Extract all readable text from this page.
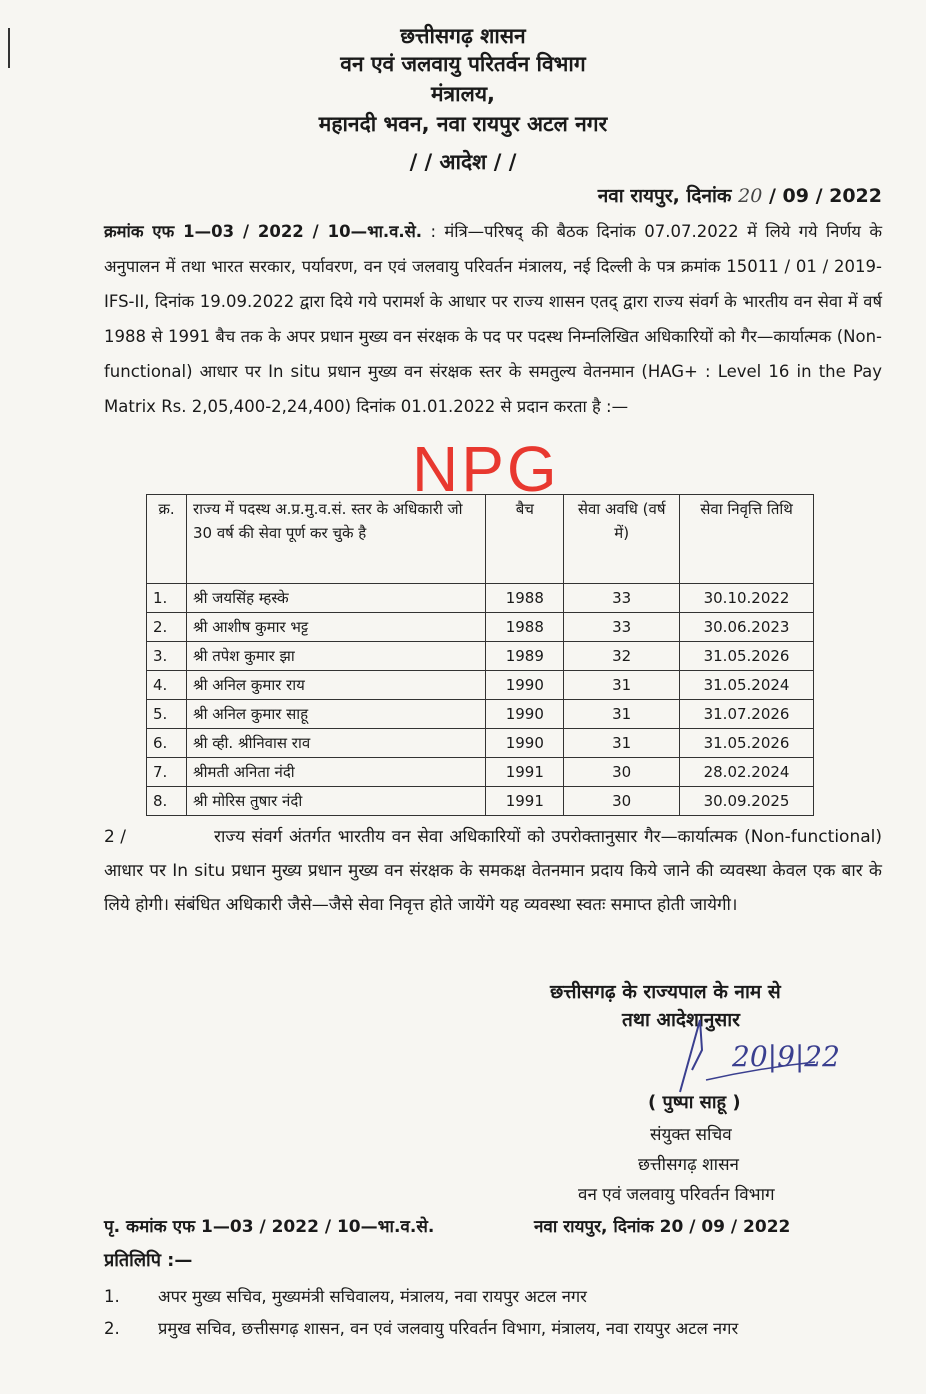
छत्तीसगढ़ शासन
वन एवं जलवायु परितर्वन विभाग
मंत्रालय,
महानदी भवन, नवा रायपुर अटल नगर
/ / आदेश / /
नवा रायपुर, दिनांक 20 / 09 / 2022
क्रमांक एफ 1—03 / 2022 / 10—भा.व.से. : मंत्रि—परिषद् की बैठक दिनांक 07.07.2022 में लिये गये निर्णय के अनुपालन में तथा भारत सरकार, पर्यावरण, वन एवं जलवायु परिवर्तन मंत्रालय, नई दिल्ली के पत्र क्रमांक 15011 / 01 / 2019-IFS-II, दिनांक 19.09.2022 द्वारा दिये गये परामर्श के आधार पर राज्य शासन एतद् द्वारा राज्य संवर्ग के भारतीय वन सेवा में वर्ष 1988 से 1991 बैच तक के अपर प्रधान मुख्य वन संरक्षक के पद पर पदस्थ निम्नलिखित अधिकारियों को गैर—कार्यात्मक (Non-functional) आधार पर In situ प्रधान मुख्य वन संरक्षक स्तर के समतुल्य वेतनमान (HAG+ : Level 16 in the Pay Matrix Rs. 2,05,400-2,24,400) दिनांक 01.01.2022 से प्रदान करता है :—
NPG
क्र.	राज्य में पदस्थ अ.प्र.मु.व.सं. स्तर के अधिकारी जो 30 वर्ष की सेवा पूर्ण कर चुके है	बैच	सेवा अवधि (वर्ष में)	सेवा निवृत्ति तिथि
1.	श्री जयसिंह म्हस्के	1988	33	30.10.2022
2.	श्री आशीष कुमार भट्ट	1988	33	30.06.2023
3.	श्री तपेश कुमार झा	1989	32	31.05.2026
4.	श्री अनिल कुमार राय	1990	31	31.05.2024
5.	श्री अनिल कुमार साहू	1990	31	31.07.2026
6.	श्री व्ही. श्रीनिवास राव	1990	31	31.05.2026
7.	श्रीमती अनिता नंदी	1991	30	28.02.2024
8.	श्री मोरिस तुषार नंदी	1991	30	30.09.2025
2 /	राज्य संवर्ग अंतर्गत भारतीय वन सेवा अधिकारियों को उपरोक्तानुसार गैर—कार्यात्मक (Non-functional) आधार पर In situ प्रधान मुख्य प्रधान मुख्य वन संरक्षक के समकक्ष वेतनमान प्रदाय किये जाने की व्यवस्था केवल एक बार के लिये होगी। संबंधित अधिकारी जैसे—जैसे सेवा निवृत्त होते जायेंगे यह व्यवस्था स्वतः समाप्त होती जायेगी।
छत्तीसगढ़ के राज्यपाल के नाम से
तथा आदेशानुसार
20|9|22
( पुष्पा साहू )
संयुक्त सचिव
छत्तीसगढ़ शासन
वन एवं जलवायु परिवर्तन विभाग
पृ. कमांक एफ 1—03 / 2022 / 10—भा.व.से.	नवा रायपुर, दिनांक 20 / 09 / 2022
प्रतिलिपि :—
1. अपर मुख्य सचिव, मुख्यमंत्री सचिवालय, मंत्रालय, नवा रायपुर अटल नगर
2. प्रमुख सचिव, छत्तीसगढ़ शासन, वन एवं जलवायु परिवर्तन विभाग, मंत्रालय, नवा रायपुर अटल नगर
